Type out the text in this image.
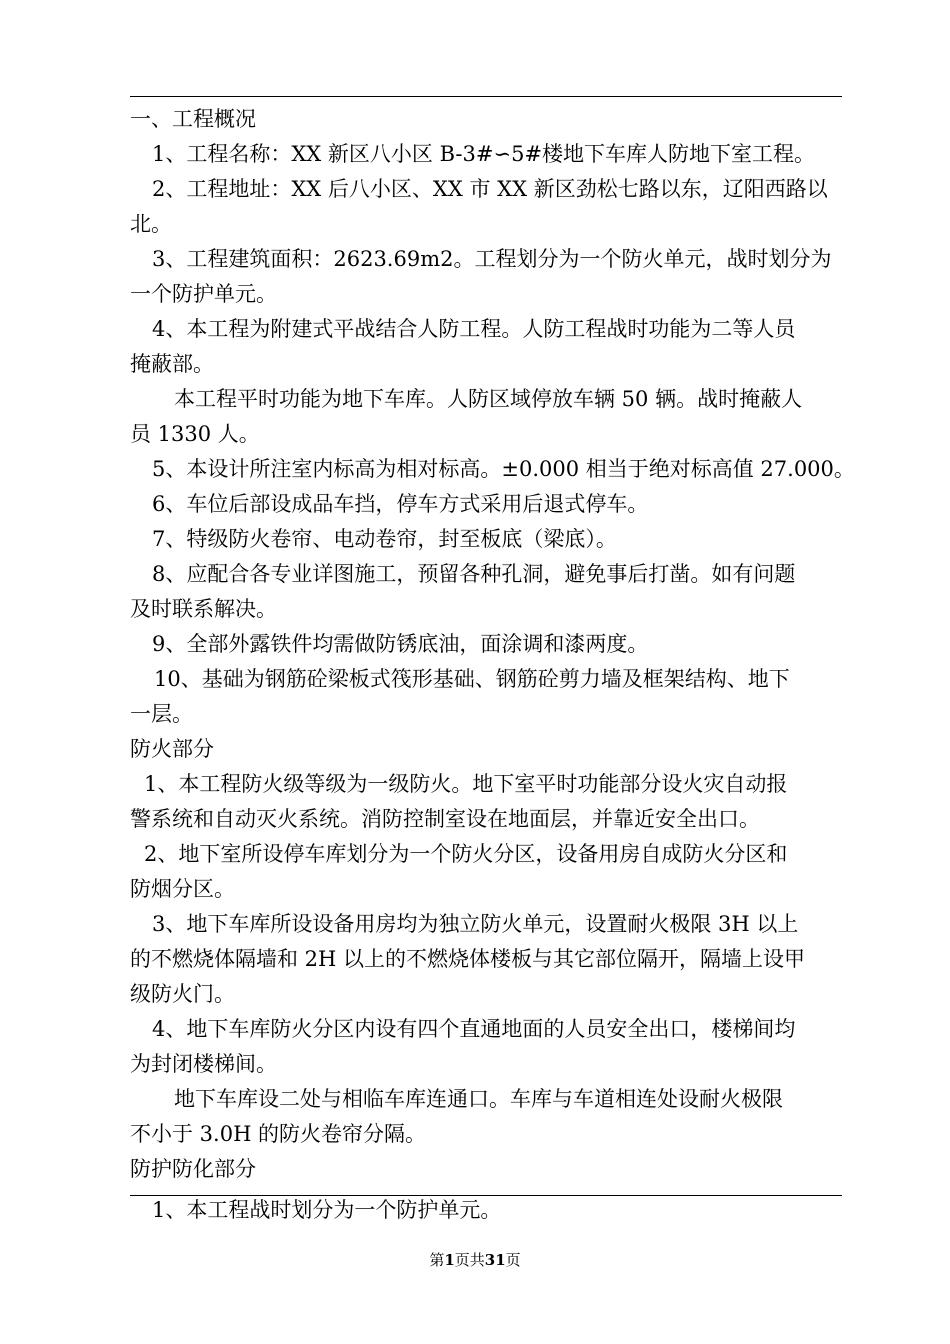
一、工程概况

1、工程名称：XX 新区八小区 B-3#∽5#楼地下车库人防地下室工程。

2、工程地址：XX 后八小区、XX 市 XX 新区劲松七路以东，辽阳西路以

北。

3、工程建筑面积：2623.69m2。工程划分为一个防火单元，战时划分为

一个防护单元。

4、本工程为附建式平战结合人防工程。人防工程战时功能为二等人员

掩蔽部。

本工程平时功能为地下车库。人防区域停放车辆 50 辆。战时掩蔽人

员 1330 人。

5、本设计所注室内标高为相对标高。±0.000 相当于绝对标高值 27.000。

6、车位后部设成品车挡，停车方式采用后退式停车。

7、特级防火卷帘、电动卷帘，封至板底（梁底）。

8、应配合各专业详图施工，预留各种孔洞，避免事后打凿。如有问题

及时联系解决。

9、全部外露铁件均需做防锈底油，面涂调和漆两度。

10、基础为钢筋砼梁板式筏形基础、钢筋砼剪力墙及框架结构、地下

一层。

防火部分

1、本工程防火级等级为一级防火。地下室平时功能部分设火灾自动报

警系统和自动灭火系统。消防控制室设在地面层，并靠近安全出口。

2、地下室所设停车库划分为一个防火分区，设备用房自成防火分区和

防烟分区。

3、地下车库所设设备用房均为独立防火单元，设置耐火极限 3H 以上

的不燃烧体隔墙和 2H 以上的不燃烧体楼板与其它部位隔开，隔墙上设甲

级防火门。

4、地下车库防火分区内设有四个直通地面的人员安全出口，楼梯间均

为封闭楼梯间。

地下车库设二处与相临车库连通口。车库与车道相连处设耐火极限

不小于 3.0H 的防火卷帘分隔。

防护防化部分

1、本工程战时划分为一个防护单元。

第1页共31页
